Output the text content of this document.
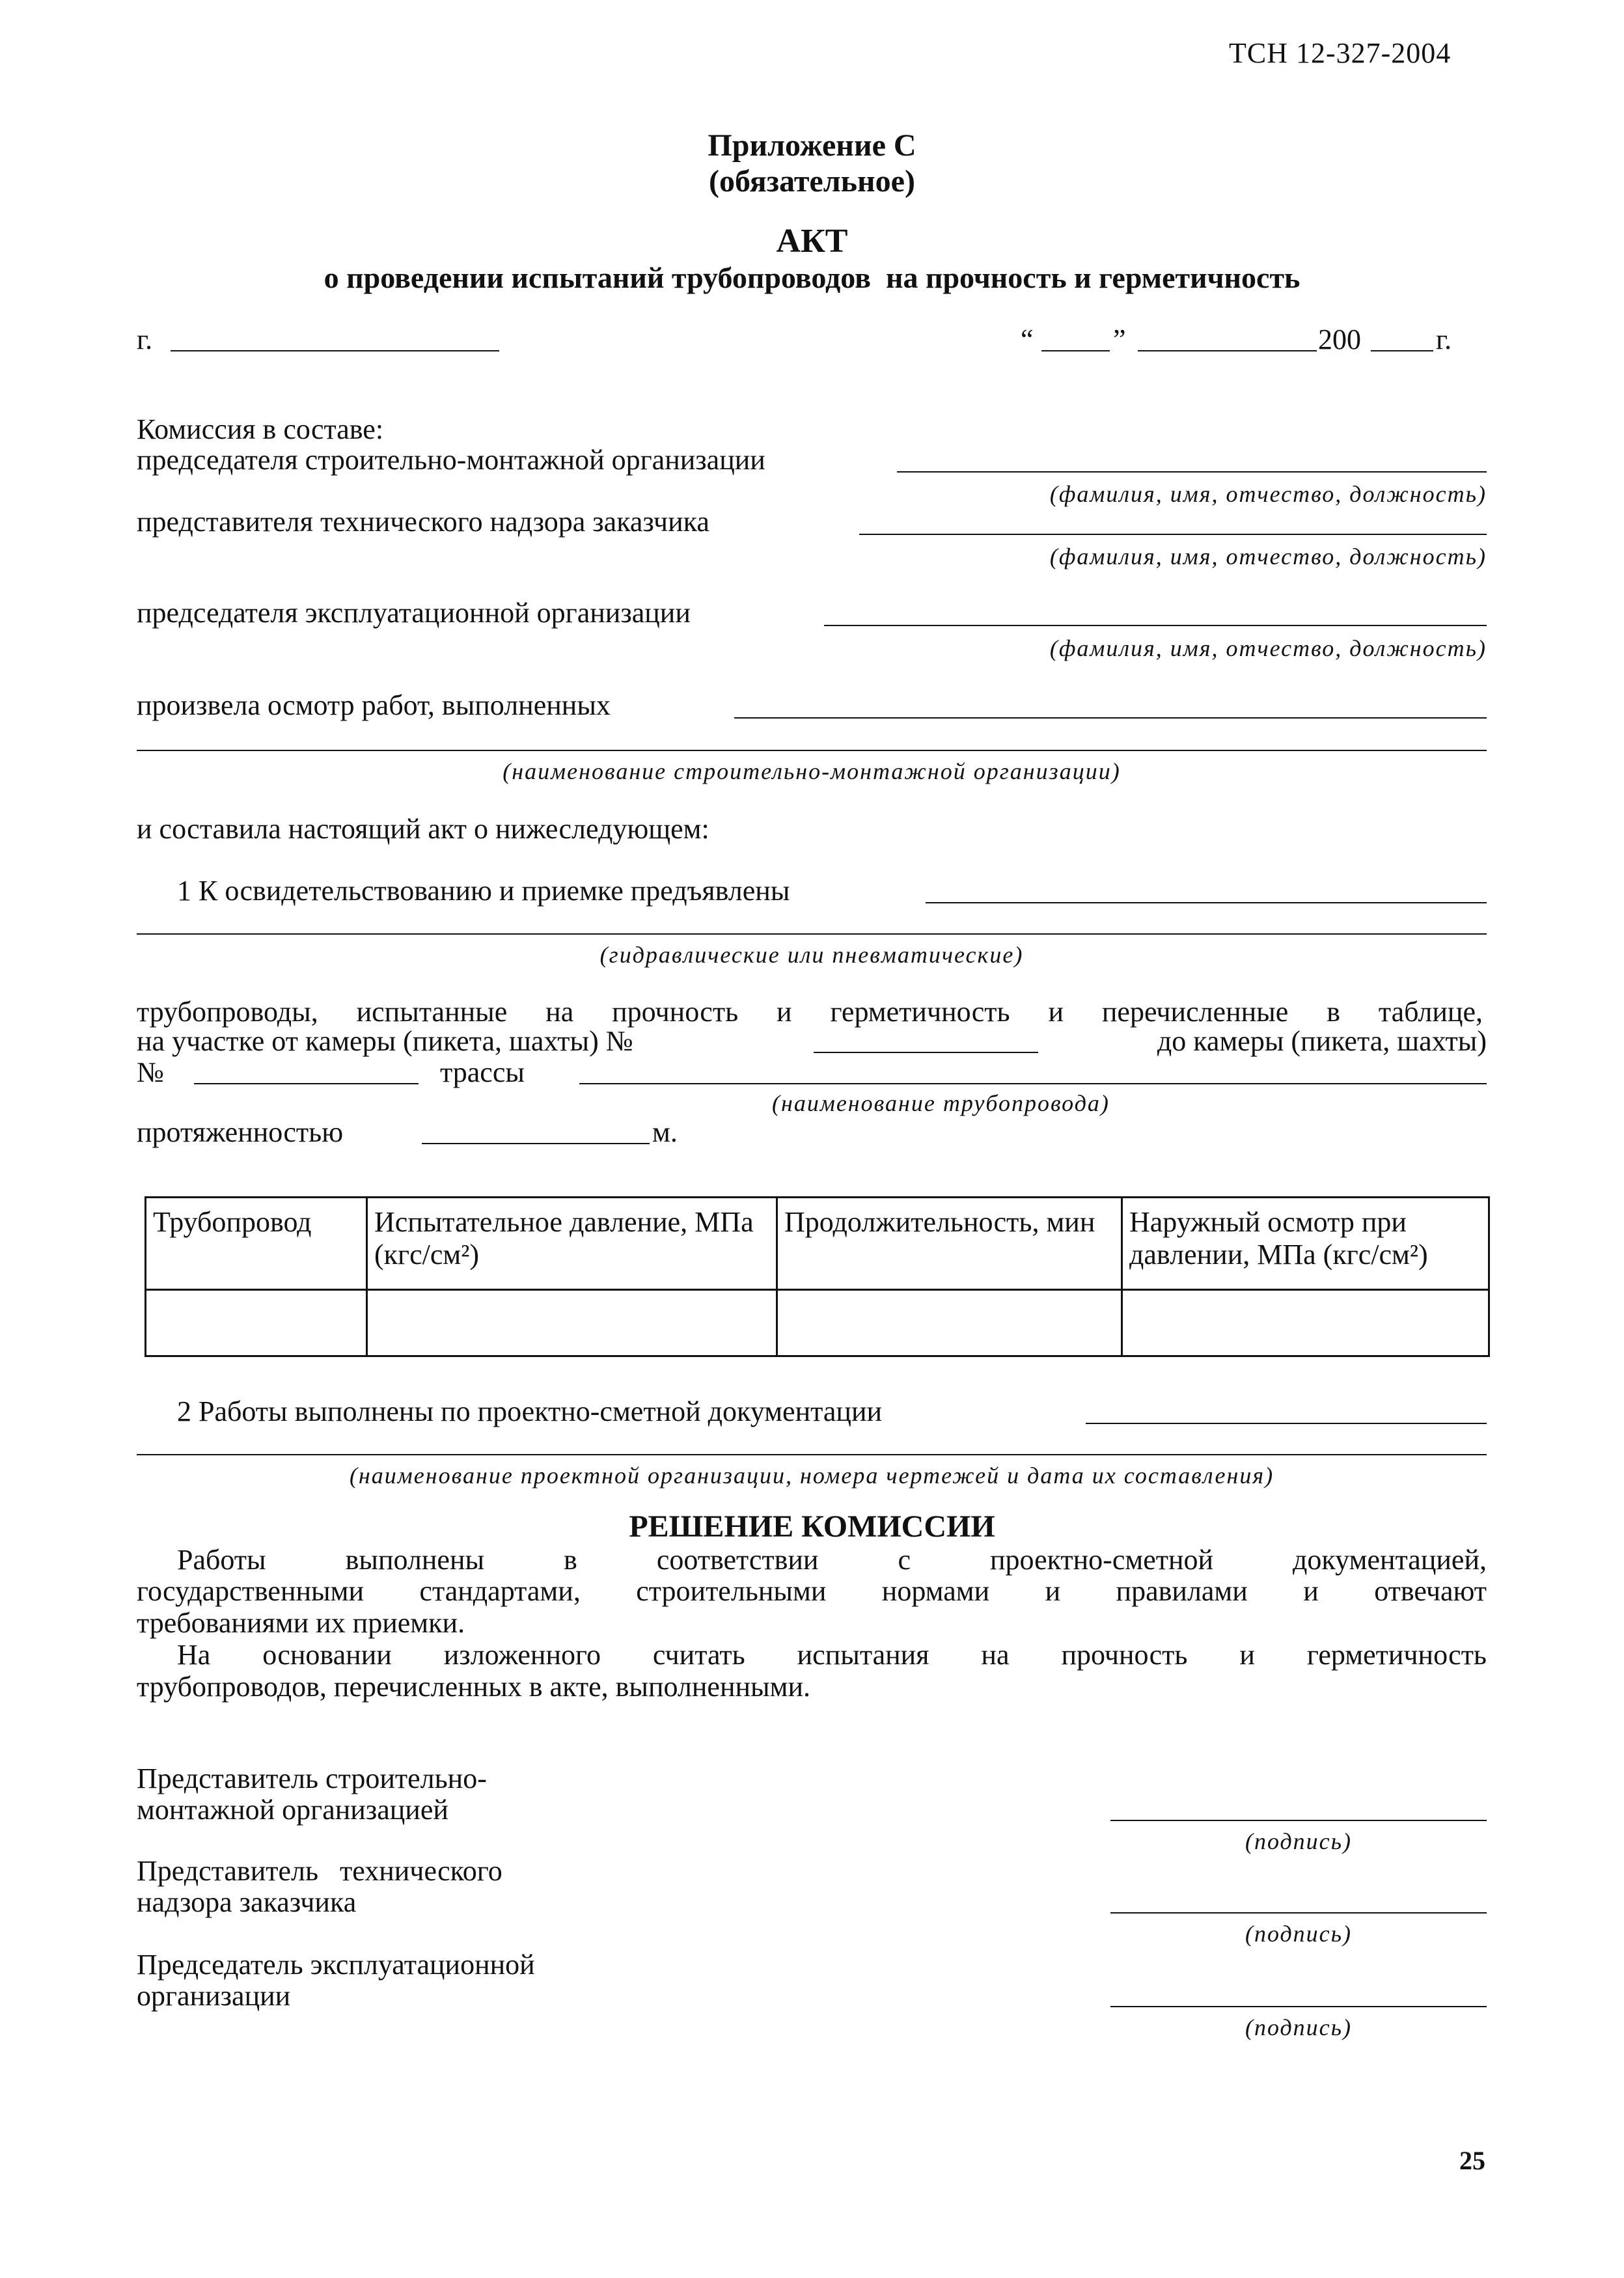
ТСН 12-327-2004
Приложение С
(обязательное)
АКТ
о проведении испытаний трубопроводов  на прочность и герметичность
г.	“	”	200	г.
Комиссия в составе:
председателя строительно-монтажной организации
(фамилия, имя, отчество, должность)
представителя технического надзора заказчика
(фамилия, имя, отчество, должность)
председателя эксплуатационной организации
(фамилия, имя, отчество, должность)
произвела осмотр работ, выполненных
(наименование строительно-монтажной организации)
и составила настоящий акт о нижеследующем:
1 К освидетельствованию и приемке предъявлены
(гидравлические или пневматические)
трубопроводы, испытанные на прочность и герметичность и перечисленные в таблице,
на участке от камеры (пикета, шахты) №	до камеры (пикета, шахты)
№	трассы
(наименование трубопровода)
протяженностью	м.
Трубопровод	Испытательное давление, МПа (кгс/см²)	Продолжительность, мин	Наружный осмотр при давлении, МПа (кгс/см²)

2 Работы выполнены по проектно-сметной документации
(наименование проектной организации, номера чертежей и дата их составления)
РЕШЕНИЕ КОМИССИИ
Работы выполнены в соответствии с проектно-сметной документацией,
государственными стандартами, строительными нормами и правилами и отвечают
требованиями их приемки.
На основании изложенного считать испытания на прочность и герметичность
трубопроводов, перечисленных в акте, выполненными.
Представитель строительно-
монтажной организацией
(подпись)
Представитель   технического
надзора заказчика
(подпись)
Председатель эксплуатационной
организации
(подпись)
25
